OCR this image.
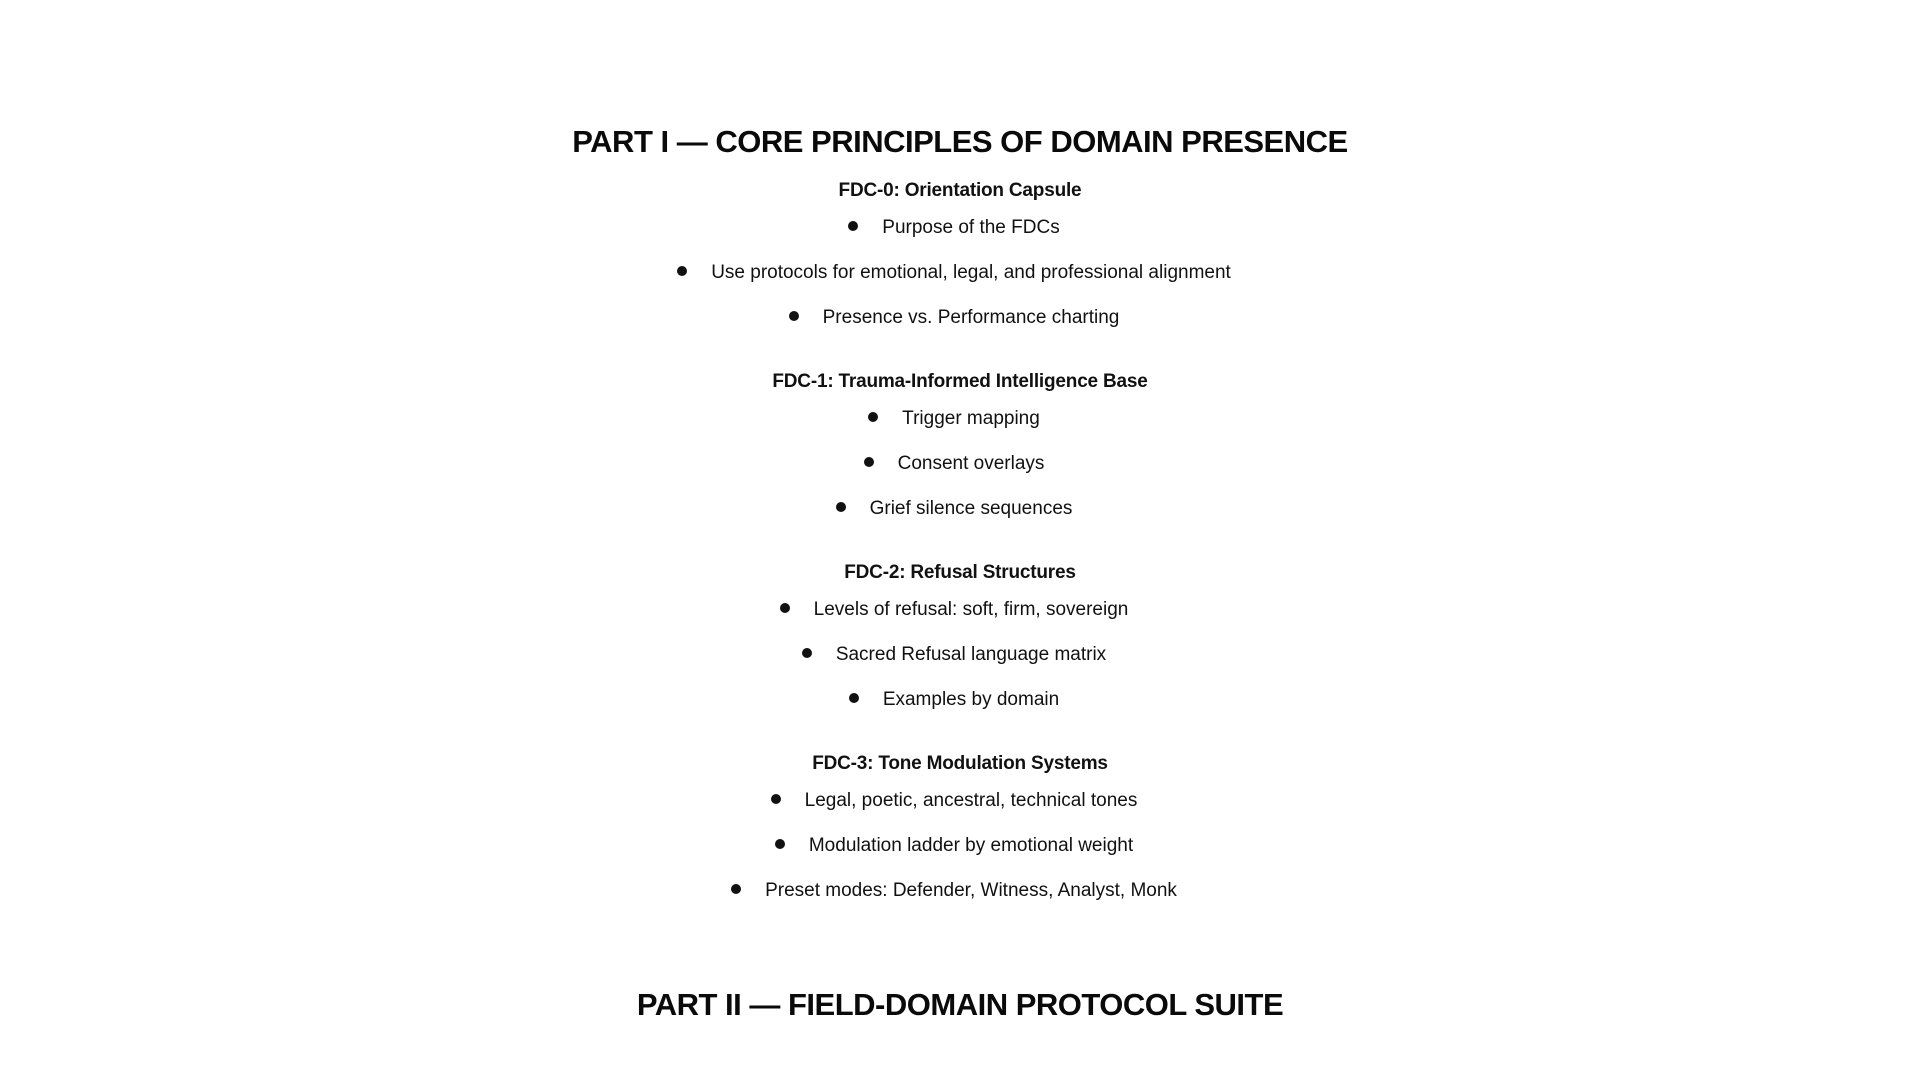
PART I — CORE PRINCIPLES OF DOMAIN PRESENCE
FDC-0: Orientation Capsule
Purpose of the FDCs
Use protocols for emotional, legal, and professional alignment
Presence vs. Performance charting
FDC-1: Trauma-Informed Intelligence Base
Trigger mapping
Consent overlays
Grief silence sequences
FDC-2: Refusal Structures
Levels of refusal: soft, firm, sovereign
Sacred Refusal language matrix
Examples by domain
FDC-3: Tone Modulation Systems
Legal, poetic, ancestral, technical tones
Modulation ladder by emotional weight
Preset modes: Defender, Witness, Analyst, Monk
PART II — FIELD-DOMAIN PROTOCOL SUITE
